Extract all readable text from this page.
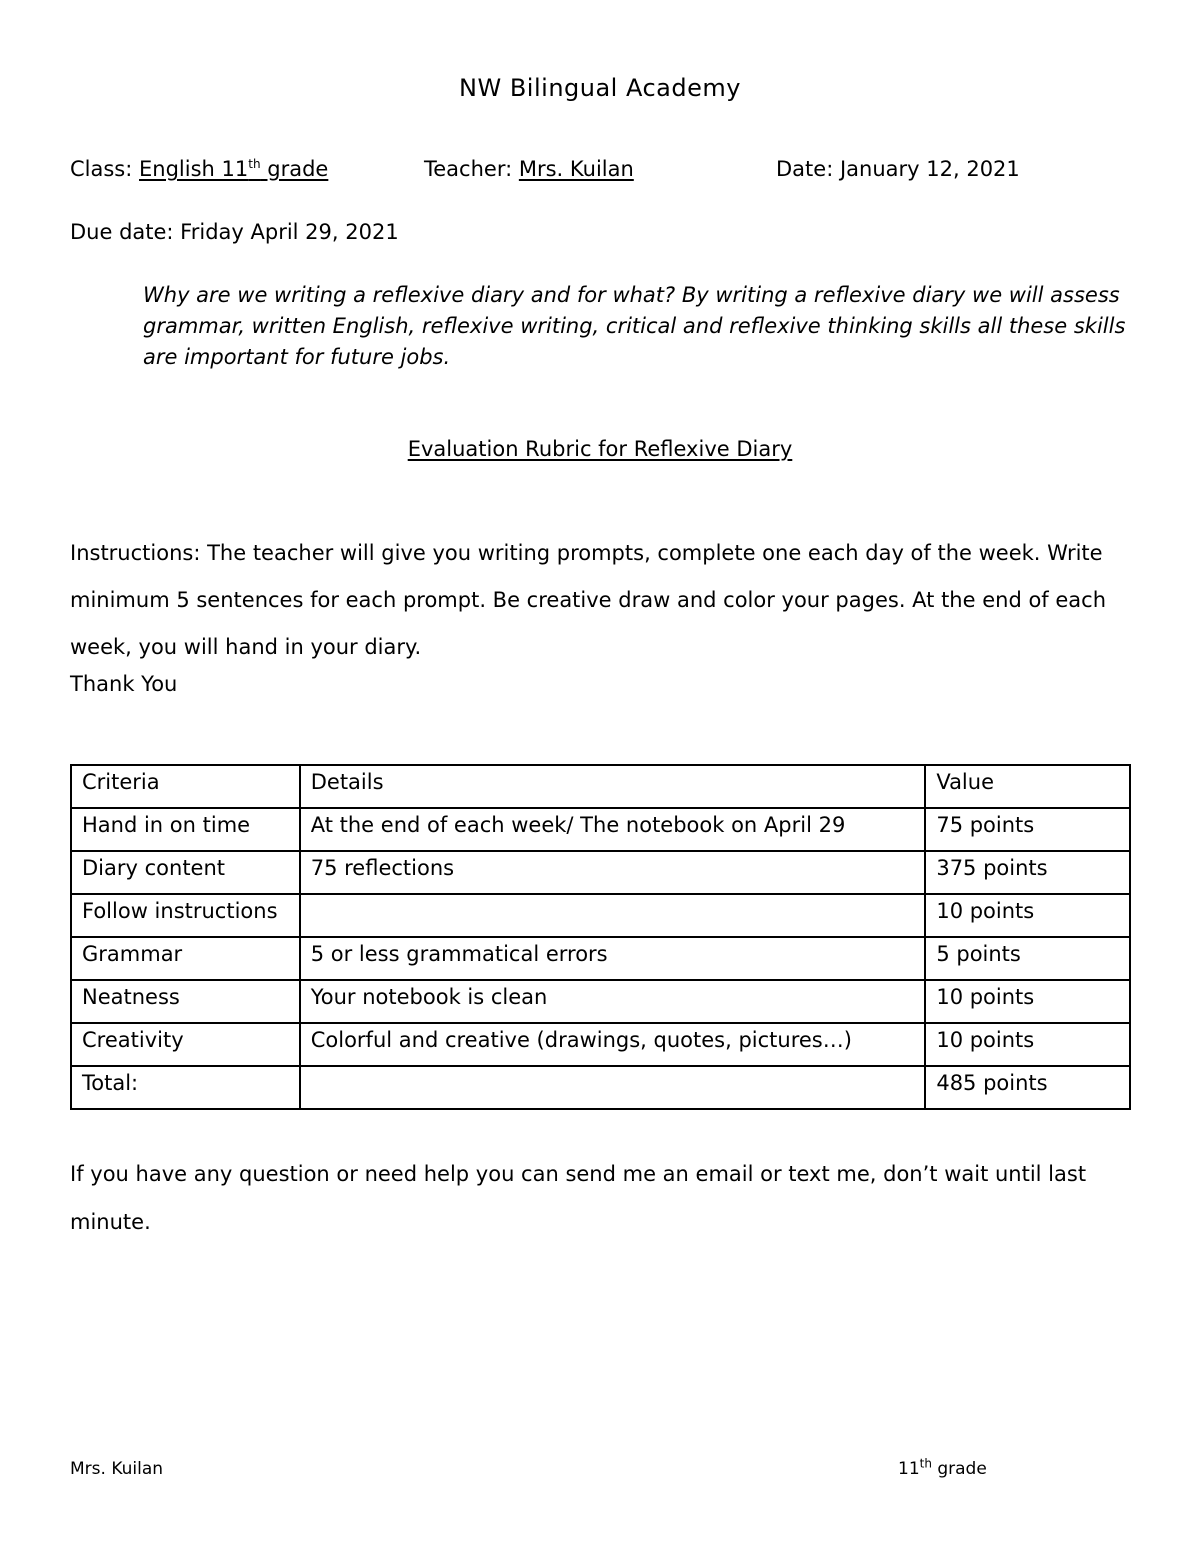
NW Bilingual Academy
Class: English 11th grade	Teacher: Mrs. Kuilan	Date: January 12, 2021
Due date: Friday April 29, 2021
Why are we writing a reflexive diary and for what? By writing a reflexive diary we will assess grammar, written English, reflexive writing, critical and reflexive thinking skills all these skills are important for future jobs.
Evaluation Rubric for Reflexive Diary
Instructions: The teacher will give you writing prompts, complete one each day of the week. Write minimum 5 sentences for each prompt. Be creative draw and color your pages. At the end of each week, you will hand in your diary.
Thank You
Criteria	Details	Value
Hand in on time	At the end of each week/ The notebook on April 29	75 points
Diary content	75 reflections	375 points
Follow instructions		10 points
Grammar	5 or less grammatical errors	5 points
Neatness	Your notebook is clean	10 points
Creativity	Colorful and creative (drawings, quotes, pictures…)	10 points
Total:		485 points
If you have any question or need help you can send me an email or text me, don’t wait until last minute.
Mrs. Kuilan	11th grade
